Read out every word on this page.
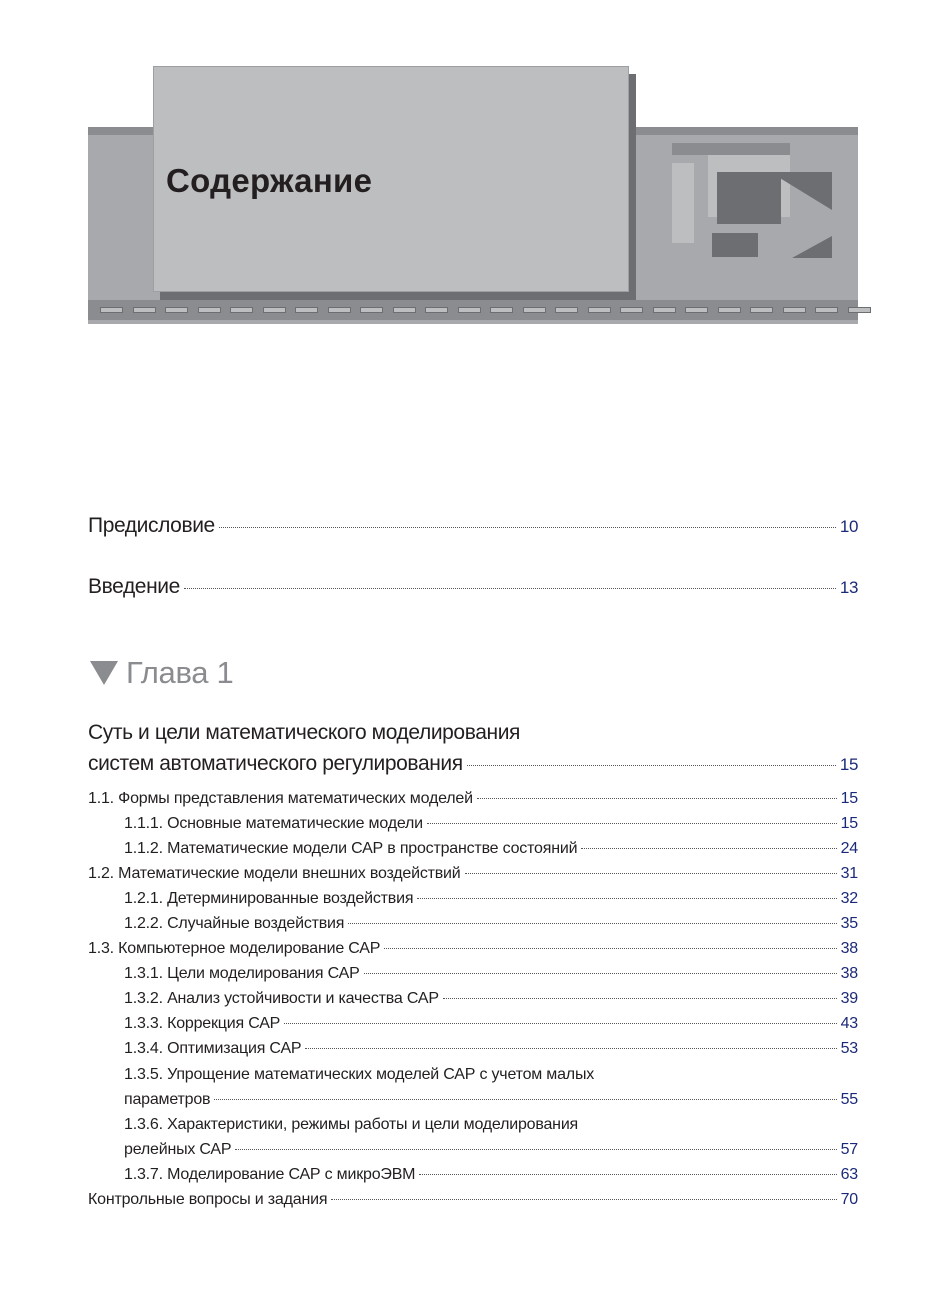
Содержание
Предисловие	10
Введение	13
Глава 1
Суть и цели математического моделирования
систем автоматического регулирования	15
1.1. Формы представления математических моделей	15
1.1.1. Основные математические модели	15
1.1.2. Математические модели САР в пространстве состояний	24
1.2. Математические модели внешних воздействий	31
1.2.1. Детерминированные воздействия	32
1.2.2. Случайные воздействия	35
1.3. Компьютерное моделирование САР	38
1.3.1. Цели моделирования САР	38
1.3.2. Анализ устойчивости и качества САР	39
1.3.3. Коррекция САР	43
1.3.4. Оптимизация САР	53
1.3.5. Упрощение математических моделей САР с учетом малых
параметров	55
1.3.6. Характеристики, режимы работы и цели моделирования
релейных САР	57
1.3.7. Моделирование САР с микроЭВМ	63
Контрольные вопросы и задания	70
